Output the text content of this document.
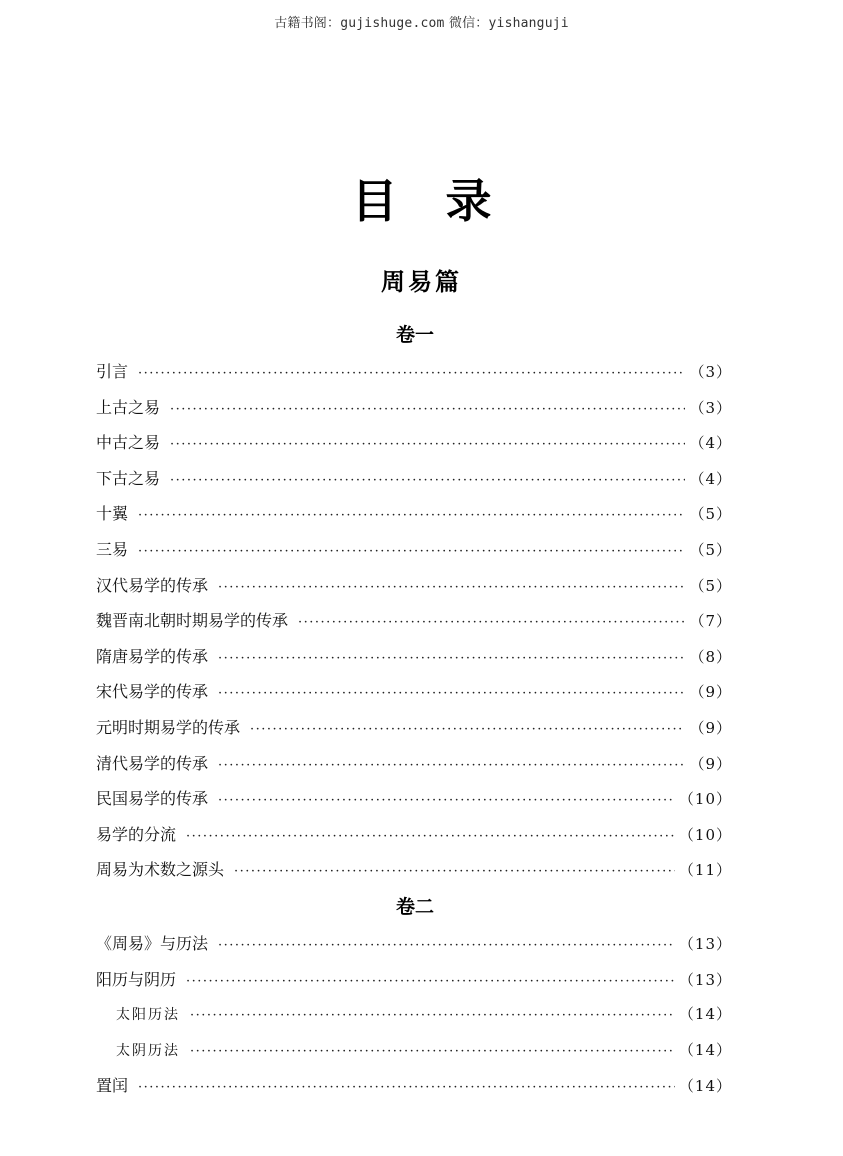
古籍书阁：gujishuge.com 微信：yishanguji
目录
周易篇
卷一
引言 ·····	（3）
上古之易 ·····	（3）
中古之易 ·····	（4）
下古之易 ·····	（4）
十翼 ·····	（5）
三易 ·····	（5）
汉代易学的传承 ·····	（5）
魏晋南北朝时期易学的传承 ·····	（7）
隋唐易学的传承 ·····	（8）
宋代易学的传承 ·····	（9）
元明时期易学的传承 ·····	（9）
清代易学的传承 ·····	（9）
民国易学的传承 ·····	（10）
易学的分流 ·····	（10）
周易为术数之源头 ·····	（11）
卷二
《周易》与历法 ·····	（13）
阳历与阴历 ·····	（13）
太阳历法 ·····	（14）
太阴历法 ·····	（14）
置闰 ·····	（14）
